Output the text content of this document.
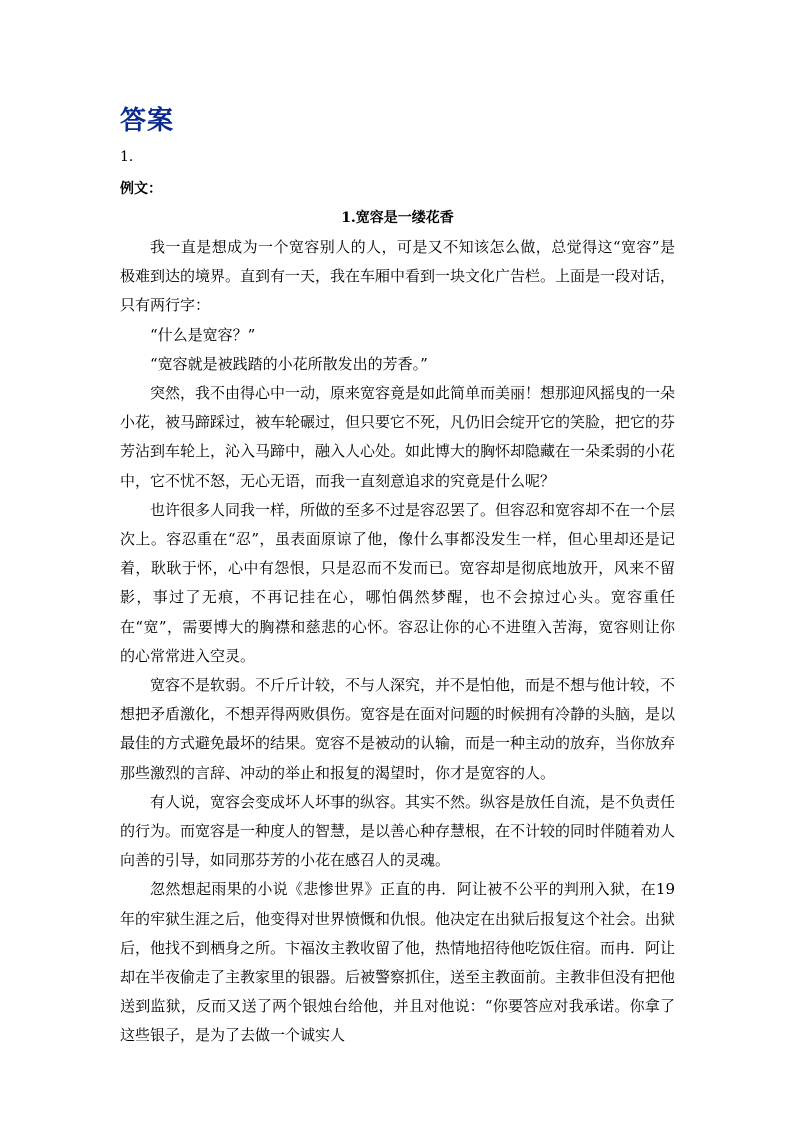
答案
1．
例文：
1.宽容是一缕花香

我一直是想成为一个宽容别人的人，可是又不知该怎么做，总觉得这“宽容”是极难到达的境界。直到有一天，我在车厢中看到一块文化广告栏。上面是一段对话，只有两行字：

“什么是宽容？”

“宽容就是被践踏的小花所散发出的芳香。”

突然，我不由得心中一动，原来宽容竟是如此简单而美丽！想那迎风摇曳的一朵小花，被马蹄踩过，被车轮碾过，但只要它不死，凡仍旧会绽开它的笑脸，把它的芬芳沾到车轮上，沁入马蹄中，融入人心处。如此博大的胸怀却隐藏在一朵柔弱的小花中，它不忧不怒，无心无语，而我一直刻意追求的究竟是什么呢？

也许很多人同我一样，所做的至多不过是容忍罢了。但容忍和宽容却不在一个层次上。容忍重在“忍”，虽表面原谅了他，像什么事都没发生一样，但心里却还是记着，耿耿于怀，心中有怨恨，只是忍而不发而已。宽容却是彻底地放开，风来不留影，事过了无痕，不再记挂在心，哪怕偶然梦醒，也不会掠过心头。宽容重任在“宽”，需要博大的胸襟和慈悲的心怀。容忍让你的心不进堕入苦海，宽容则让你的心常常进入空灵。

宽容不是软弱。不斤斤计较，不与人深究，并不是怕他，而是不想与他计较，不想把矛盾激化，不想弄得两败俱伤。宽容是在面对问题的时候拥有冷静的头脑，是以最佳的方式避免最坏的结果。宽容不是被动的认输，而是一种主动的放弃，当你放弃那些激烈的言辞、冲动的举止和报复的渴望时，你才是宽容的人。

有人说，宽容会变成坏人坏事的纵容。其实不然。纵容是放任自流，是不负责任的行为。而宽容是一种度人的智慧，是以善心种存慧根，在不计较的同时伴随着劝人向善的引导，如同那芬芳的小花在感召人的灵魂。

忽然想起雨果的小说《悲惨世界》正直的冉．阿让被不公平的判刑入狱，在19年的牢狱生涯之后，他变得对世界愤慨和仇恨。他决定在出狱后报复这个社会。出狱后，他找不到栖身之所。卞福汝主教收留了他，热情地招待他吃饭住宿。而冉．阿让却在半夜偷走了主教家里的银器。后被警察抓住，送至主教面前。主教非但没有把他送到监狱，反而又送了两个银烛台给他，并且对他说：“你要答应对我承诺。你拿了这些银子，是为了去做一个诚实人
